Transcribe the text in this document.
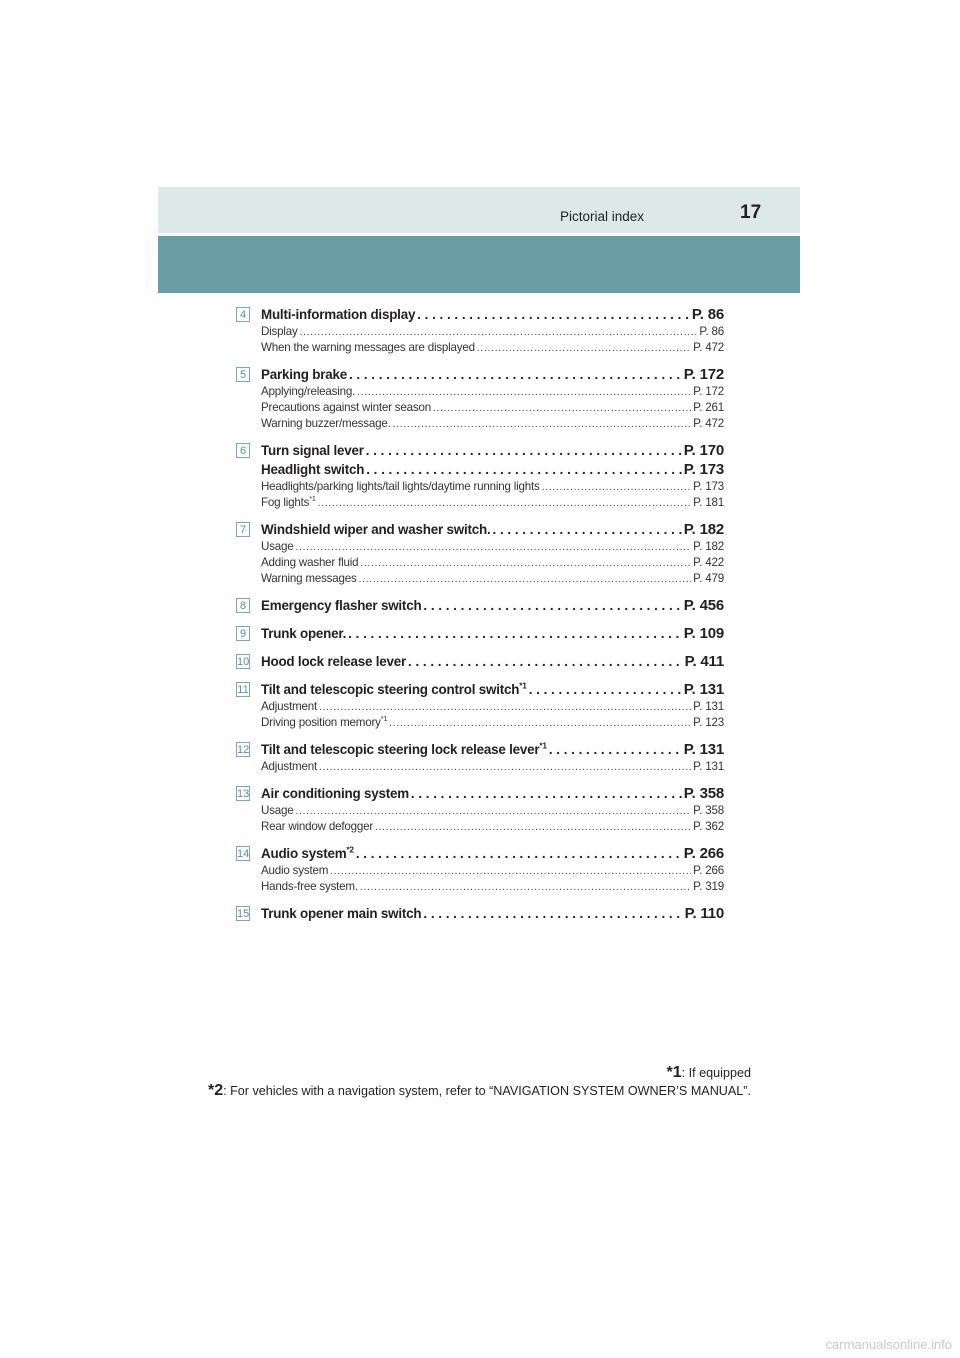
Pictorial index	17
4 Multi-information display . . .	P. 86
Display . . .	P. 86
When the warning messages are displayed . . .	P. 472
5 Parking brake . . .	P. 172
Applying/releasing. . . .	P. 172
Precautions against winter season . . .	P. 261
Warning buzzer/message. . . .	P. 472
6 Turn signal lever . . .	P. 170
Headlight switch . . .	P. 173
Headlights/parking lights/tail lights/daytime running lights . . .	P. 173
Fog lights$^{*1}$ . . .	P. 181
7 Windshield wiper and washer switch. . . .	P. 182
Usage . . .	P. 182
Adding washer fluid . . .	P. 422
Warning messages . . .	P. 479
8 Emergency flasher switch . . .	P. 456
9 Trunk opener. . . .	P. 109
10 Hood lock release lever . . .	P. 411
11 Tilt and telescopic steering control switch$^{*1}$ . . .	P. 131
Adjustment . . .	P. 131
Driving position memory$^{*1}$ . . .	P. 123
12 Tilt and telescopic steering lock release lever$^{*1}$ . . .	P. 131
Adjustment . . .	P. 131
13 Air conditioning system . . .	P. 358
Usage . . .	P. 358
Rear window defogger . . .	P. 362
14 Audio system$^{*2}$ . . .	P. 266
Audio system . . .	P. 266
Hands-free system. . . .	P. 319
15 Trunk opener main switch . . .	P. 110
*1: If equipped
*2: For vehicles with a navigation system, refer to “NAVIGATION SYSTEM OWNER’S MANUAL”.
carmanualsonline.info
